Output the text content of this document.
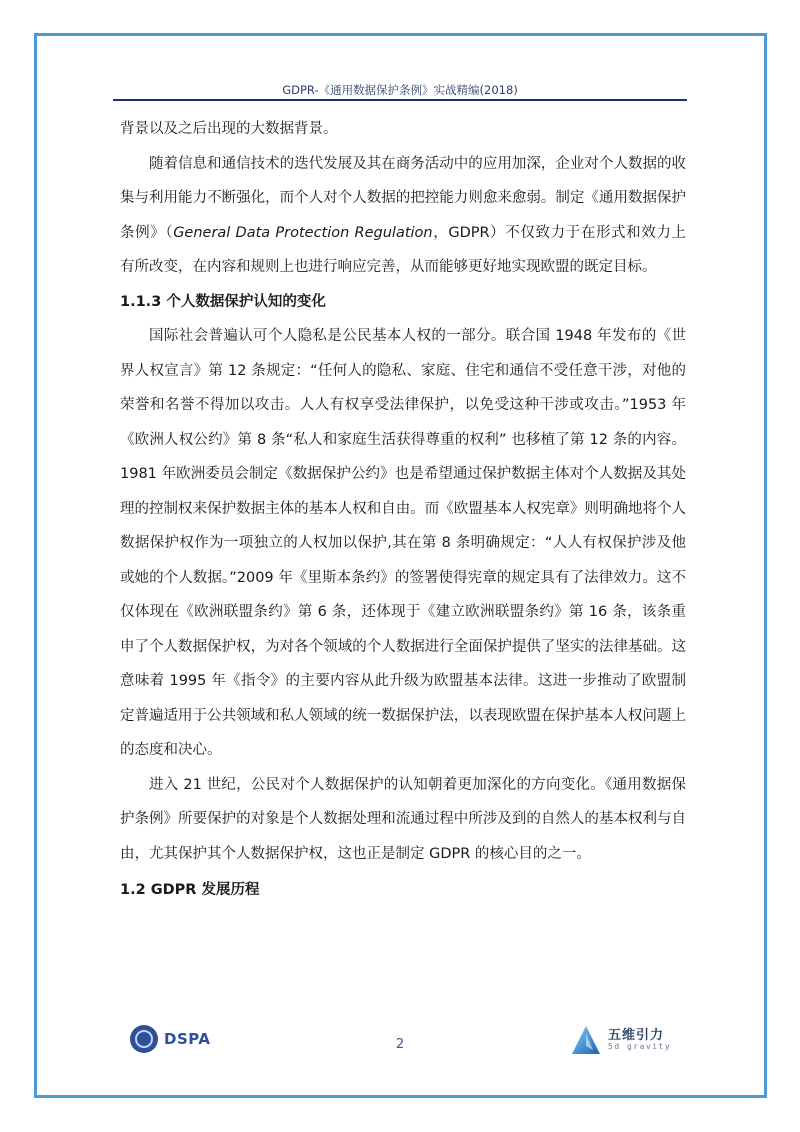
GDPR-《通用数据保护条例》实战精编(2018)

背景以及之后出现的大数据背景。

随着信息和通信技术的迭代发展及其在商务活动中的应用加深，企业对个人数据的收集与利用能力不断强化，而个人对个人数据的把控能力则愈来愈弱。制定《通用数据保护条例》（General Data Protection Regulation，GDPR）不仅致力于在形式和效力上有所改变，在内容和规则上也进行响应完善，从而能够更好地实现欧盟的既定目标。

1.1.3 个人数据保护认知的变化

国际社会普遍认可个人隐私是公民基本人权的一部分。联合国 1948 年发布的《世界人权宣言》第 12 条规定：“任何人的隐私、家庭、住宅和通信不受任意干涉，对他的荣誉和名誉不得加以攻击。人人有权享受法律保护，以免受这种干涉或攻击。”1953 年《欧洲人权公约》第 8 条“私人和家庭生活获得尊重的权利” 也移植了第 12 条的内容。1981 年欧洲委员会制定《数据保护公约》也是希望通过保护数据主体对个人数据及其处理的控制权来保护数据主体的基本人权和自由。而《欧盟基本人权宪章》则明确地将个人数据保护权作为一项独立的人权加以保护,其在第 8 条明确规定：“人人有权保护涉及他或她的个人数据。”2009 年《里斯本条约》的签署使得宪章的规定具有了法律效力。这不仅体现在《欧洲联盟条约》第 6 条，还体现于《建立欧洲联盟条约》第 16 条，该条重申了个人数据保护权，为对各个领域的个人数据进行全面保护提供了坚实的法律基础。这意味着 1995 年《指令》的主要内容从此升级为欧盟基本法律。这进一步推动了欧盟制定普遍适用于公共领域和私人领域的统一数据保护法，以表现欧盟在保护基本人权问题上的态度和决心。

进入 21 世纪，公民对个人数据保护的认知朝着更加深化的方向变化。《通用数据保护条例》所要保护的对象是个人数据处理和流通过程中所涉及到的自然人的基本权利与自由，尤其保护其个人数据保护权，这也正是制定 GDPR 的核心目的之一。

1.2 GDPR 发展历程
DSPA	2
五维引力
5d gravity
